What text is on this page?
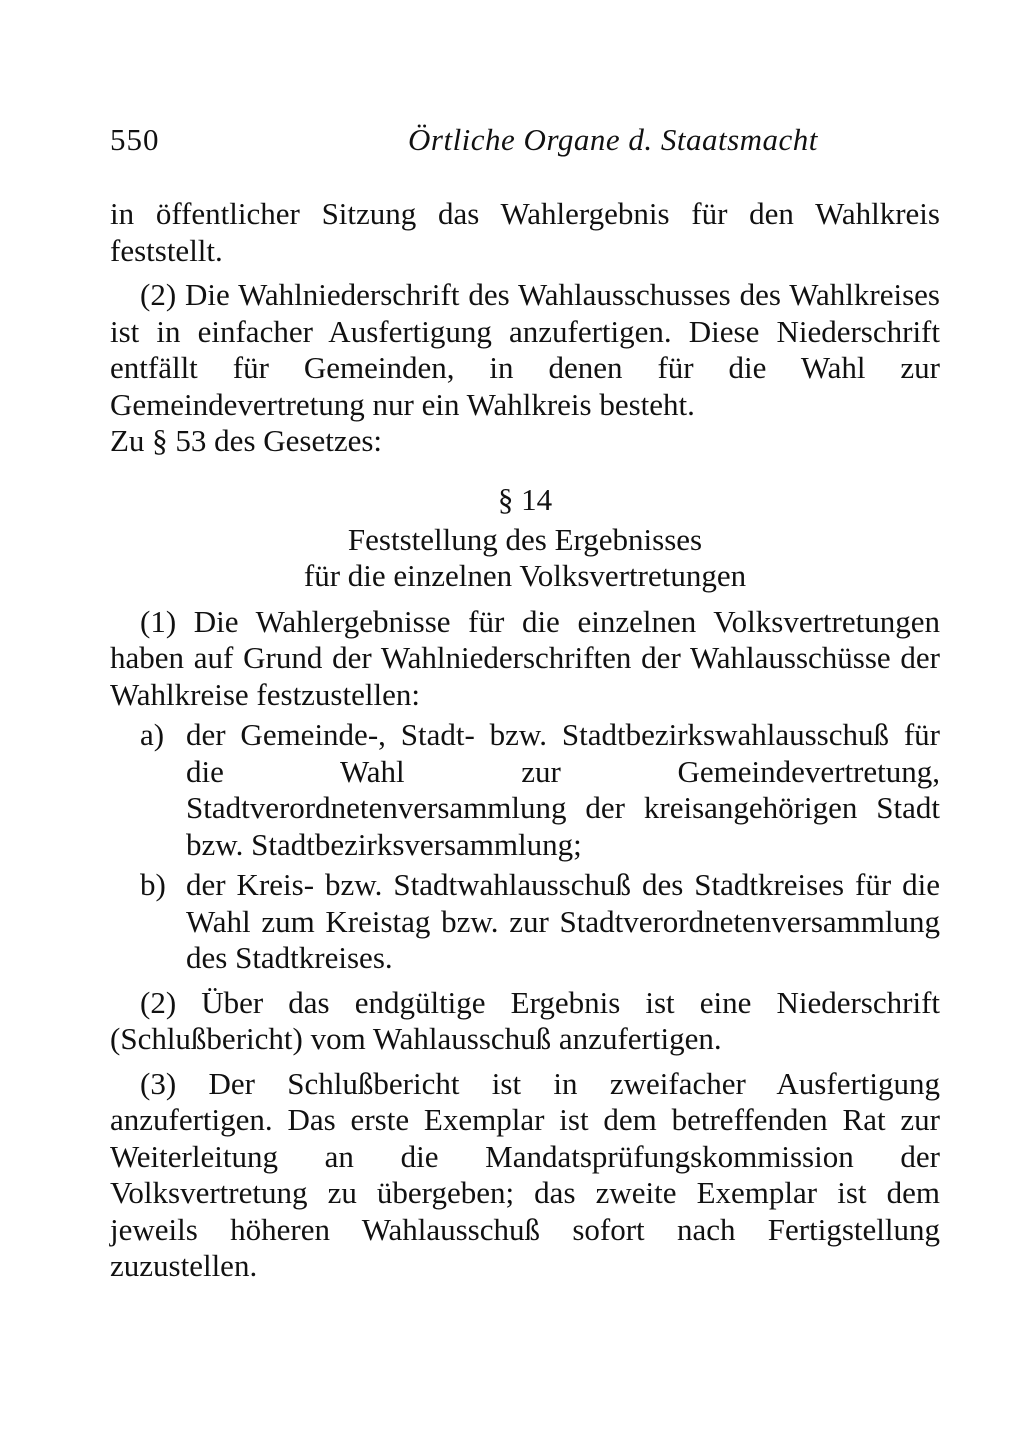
550	Örtliche Organe d. Staatsmacht

in öffentlicher Sitzung das Wahlergebnis für den Wahlkreis feststellt.

(2) Die Wahlniederschrift des Wahlausschusses des Wahlkreises ist in einfacher Ausfertigung anzufertigen. Diese Niederschrift entfällt für Gemeinden, in denen für die Wahl zur Gemeindevertretung nur ein Wahlkreis besteht.

Zu § 53 des Gesetzes:

§ 14
Feststellung des Ergebnisses
für die einzelnen Volksvertretungen

(1) Die Wahlergebnisse für die einzelnen Volksvertretungen haben auf Grund der Wahlniederschriften der Wahlausschüsse der Wahlkreise festzustellen:

a) der Gemeinde-, Stadt- bzw. Stadtbezirkswahlausschuß für die Wahl zur Gemeindevertretung, Stadtverordnetenversammlung der kreisangehörigen Stadt bzw. Stadtbezirksversammlung;
b) der Kreis- bzw. Stadtwahlausschuß des Stadtkreises für die Wahl zum Kreistag bzw. zur Stadtverordnetenversammlung des Stadtkreises.

(2) Über das endgültige Ergebnis ist eine Niederschrift (Schlußbericht) vom Wahlausschuß anzufertigen.

(3) Der Schlußbericht ist in zweifacher Ausfertigung anzufertigen. Das erste Exemplar ist dem betreffenden Rat zur Weiterleitung an die Mandatsprüfungskommission der Volksvertretung zu übergeben; das zweite Exemplar ist dem jeweils höheren Wahlausschuß sofort nach Fertigstellung zuzustellen.
